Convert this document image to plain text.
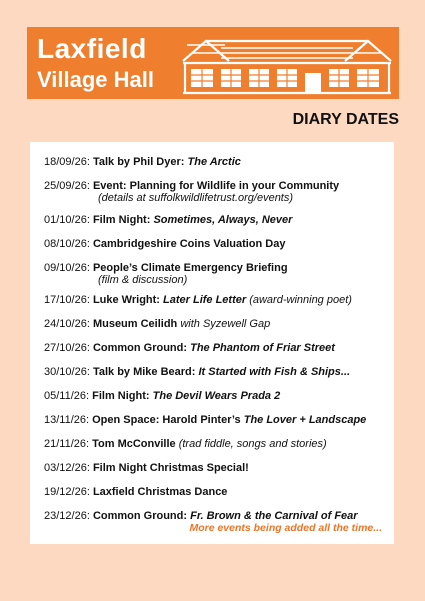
Laxfield
Village Hall
DIARY DATES
18/09/26: Talk by Phil Dyer: The Arctic
25/09/26: Event: Planning for Wildlife in your Community
(details at suffolkwildlifetrust.org/events)
01/10/26: Film Night: Sometimes, Always, Never
08/10/26: Cambridgeshire Coins Valuation Day
09/10/26: People’s Climate Emergency Briefing
(film & discussion)
17/10/26: Luke Wright: Later Life Letter (award-winning poet)
24/10/26: Museum Ceilidh with Syzewell Gap
27/10/26: Common Ground: The Phantom of Friar Street
30/10/26: Talk by Mike Beard: It Started with Fish & Ships...
05/11/26: Film Night: The Devil Wears Prada 2
13/11/26: Open Space: Harold Pinter’s The Lover + Landscape
21/11/26: Tom McConville (trad fiddle, songs and stories)
03/12/26: Film Night Christmas Special!
19/12/26: Laxfield Christmas Dance
23/12/26: Common Ground: Fr. Brown & the Carnival of Fear
More events being added all the time...
